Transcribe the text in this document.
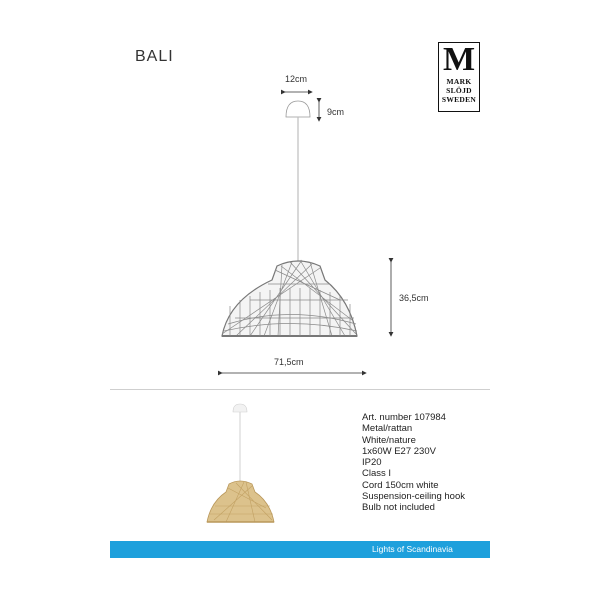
BALI	M
MARK
SLÖJD
SWEDEN
12cm
9cm
36,5cm
71,5cm
Art. number 107984
Metal/rattan
White/nature
1x60W E27 230V
IP20
Class I
Cord 150cm white
Suspension-ceiling hook
Bulb not included
Lights of Scandinavia
